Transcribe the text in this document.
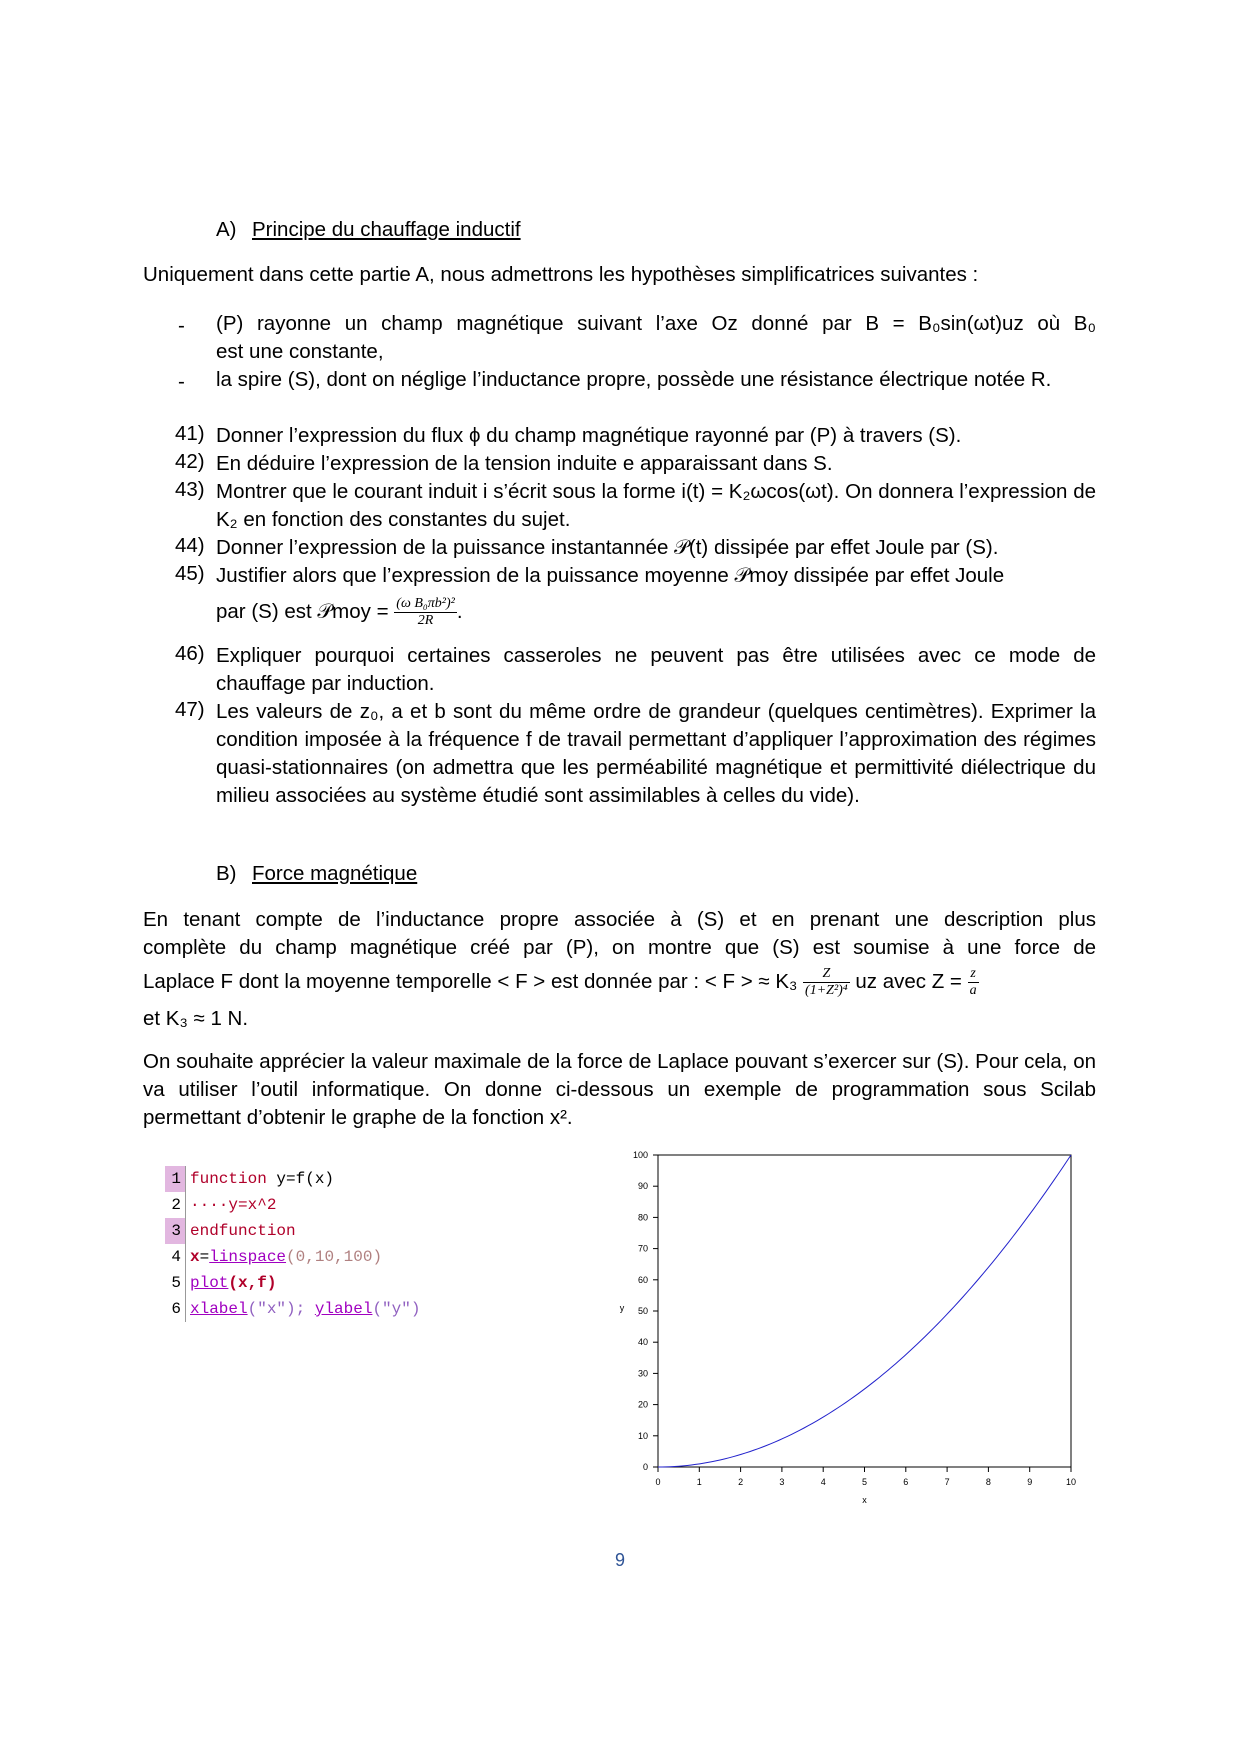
A) Principe du chauffage inductif
Uniquement dans cette partie A, nous admettrons les hypothèses simplificatrices suivantes :
- (P) rayonne un champ magnétique suivant l’axe Oz donné par B = B₀sin(ωt)uz où B₀
est une constante,
- la spire (S), dont on néglige l’inductance propre, possède une résistance électrique notée R.
41) Donner l’expression du flux ϕ du champ magnétique rayonné par (P) à travers (S).
42) En déduire l’expression de la tension induite e apparaissant dans S.
43) Montrer que le courant induit i s’écrit sous la forme i(t) = K₂ωcos(ωt). On donnera l’expression de K₂ en fonction des constantes du sujet.
44) Donner l’expression de la puissance instantannée 𝒫(t) dissipée par effet Joule par (S).
45) Justifier alors que l’expression de la puissance moyenne 𝒫moy dissipée par effet Joule
par (S) est 𝒫moy = $\frac{\text{(ω B₀πb²)²}}{2R}$ .
46) Expliquer pourquoi certaines casseroles ne peuvent pas être utilisées avec ce mode de chauffage par induction.
47) Les valeurs de z₀, a et b sont du même ordre de grandeur (quelques centimètres). Exprimer la condition imposée à la fréquence f de travail permettant d’appliquer l’approximation des régimes quasi-stationnaires (on admettra que les perméabilité magnétique et permittivité diélectrique du milieu associées au système étudié sont assimilables à celles du vide).
B) Force magnétique
En tenant compte de l’inductance propre associée à (S) et en prenant une description plus
complète du champ magnétique créé par (P), on montre que (S) est soumise à une force de
Laplace F dont la moyenne temporelle < F > est donnée par : < F > ≈ $K_3 \frac{Z}{\text{(1+Z²)⁴}}$ uz avec $Z = \frac{z}{a}$
et K₃ ≈ 1 N.
On souhaite apprécier la valeur maximale de la force de Laplace pouvant s’exercer sur (S). Pour cela, on va utiliser l’outil informatique. On donne ci-dessous un exemple de programmation sous Scilab permettant d’obtenir le graphe de la fonction x².
1 function y=f(x)
2 ····y=x^2
3 endfunction
4 x=linspace(0,10,100)
5 plot(x,f)
6 xlabel("x"); ylabel("y")
0	1	2	3	4	5	6	7	8	9	10
0
10
20
30
40
50
60
70
80
90
100
x
y
9
